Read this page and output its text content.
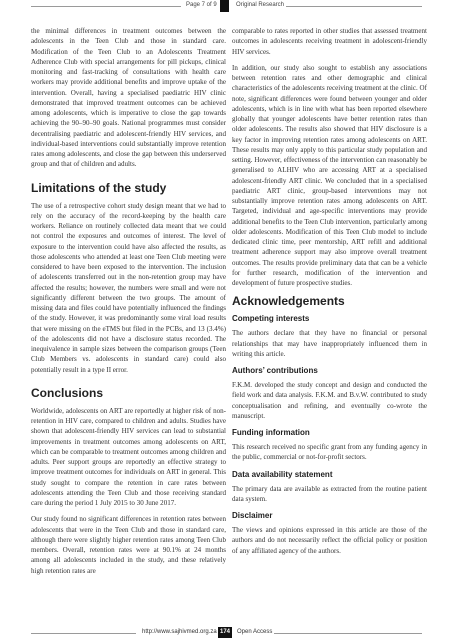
Page 7 of 9	Original Research

the minimal differences in treatment outcomes between the adolescents in the Teen Club and those in standard care. Modification of the Teen Club to an Adolescents Treatment Adherence Club with special arrangements for pill pickups, clinical monitoring and fast-tracking of consultations with health care workers may provide additional benefits and improve uptake of the intervention. Overall, having a specialised paediatric HIV clinic demonstrated that improved treatment outcomes can be achieved among adolescents, which is imperative to close the gap towards achieving the 90–90–90 goals. National programmes must consider decentralising paediatric and adolescent-friendly HIV services, and individual-based interventions could substantially improve retention rates among adolescents, and close the gap between this underserved group and that of children and adults.

Limitations of the study

The use of a retrospective cohort study design meant that we had to rely on the accuracy of the record-keeping by the health care workers. Reliance on routinely collected data meant that we could not control the exposures and outcomes of interest. The level of exposure to the intervention could have also affected the results, as those adolescents who attended at least one Teen Club meeting were considered to have been exposed to the intervention. The inclusion of adolescents transferred out in the non-retention group may have affected the results; however, the numbers were small and were not significantly different between the two groups. The amount of missing data and files could have potentially influenced the findings of the study. However, it was predominantly some viral load results that were missing on the eTMS but filed in the PCBs, and 13 (3.4%) of the adolescents did not have a disclosure status recorded. The inequivalence in sample sizes between the comparison groups (Teen Club Members vs. adolescents in standard care) could also potentially result in a type II error.

Conclusions

Worldwide, adolescents on ART are reportedly at higher risk of non-retention in HIV care, compared to children and adults. Studies have shown that adolescent-friendly HIV services can lead to substantial improvements in treatment outcomes among adolescents on ART, which can be comparable to treatment outcomes among children and adults. Peer support groups are reportedly an effective strategy to improve treatment outcomes for individuals on ART in general. This study sought to compare the retention in care rates between adolescents attending the Teen Club and those receiving standard care during the period 1 July 2015 to 30 June 2017.

Our study found no significant differences in retention rates between adolescents that were in the Teen Club and those in standard care, although there were slightly higher retention rates among Teen Club members. Overall, retention rates were at 90.1% at 24 months among all adolescents included in the study, and these relatively high retention rates are

comparable to rates reported in other studies that assessed treatment outcomes in adolescents receiving treatment in adolescent-friendly HIV services.

In addition, our study also sought to establish any associations between retention rates and other demographic and clinical characteristics of the adolescents receiving treatment at the clinic. Of note, significant differences were found between younger and older adolescents, which is in line with what has been reported elsewhere globally that younger adolescents have better retention rates than older adolescents. The results also showed that HIV disclosure is a key factor in improving retention rates among adolescents on ART. These results may only apply to this particular study population and setting. However, effectiveness of the intervention can reasonably be generalised to ALHIV who are accessing ART at a specialised adolescent-friendly ART clinic. We concluded that in a specialised paediatric ART clinic, group-based interventions may not substantially improve retention rates among adolescents on ART. Targeted, individual and age-specific interventions may provide additional benefits to the Teen Club intervention, particularly among older adolescents. Modification of this Teen Club model to include dedicated clinic time, peer mentorship, ART refill and additional treatment adherence support may also improve overall treatment outcomes. The results provide preliminary data that can be a vehicle for further research, modification of the intervention and development of future prospective studies.

Acknowledgements
Competing interests

The authors declare that they have no financial or personal relationships that may have inappropriately influenced them in writing this article.

Authors’ contributions

F.K.M. developed the study concept and design and conducted the field work and data analysis. F.K.M. and B.v.W. contributed to study conceptualisation and refining, and eventually co-wrote the manuscript.

Funding information

This research received no specific grant from any funding agency in the public, commercial or not-for-profit sectors.

Data availability statement

The primary data are available as extracted from the routine patient data system.

Disclaimer

The views and opinions expressed in this article are those of the authors and do not necessarily reflect the official policy or position of any affiliated agency of the authors.

http://www.sajhivmed.org.za 174	Open Access
